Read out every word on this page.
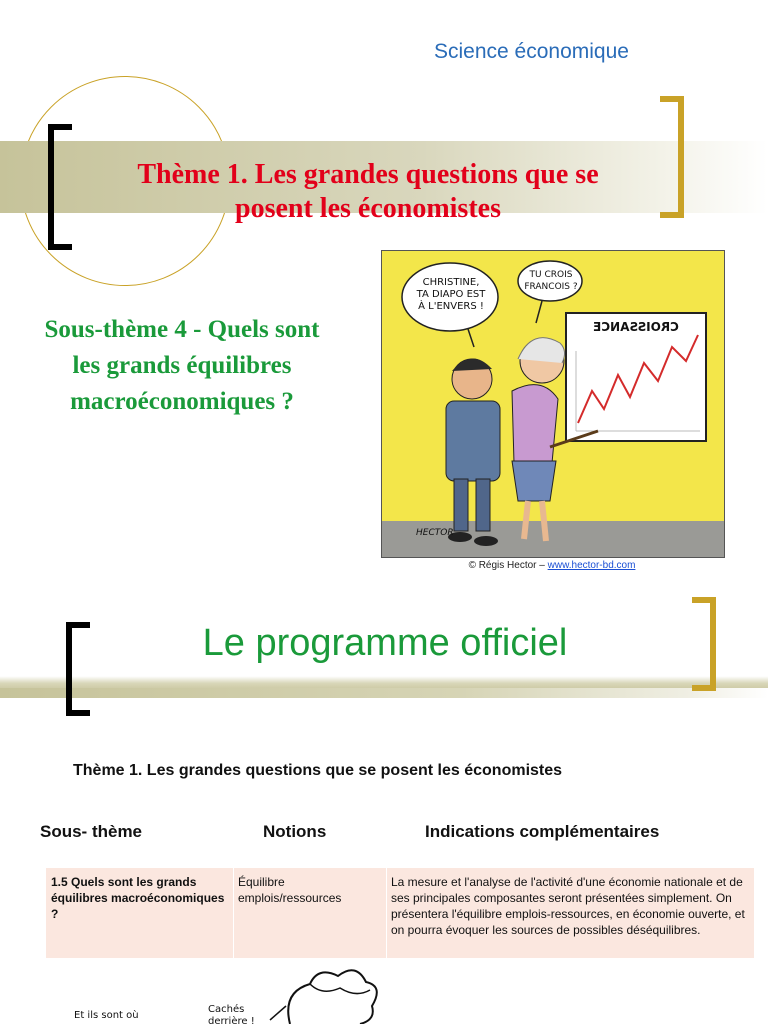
Science économique
Thème 1. Les grandes questions que se
posent les économistes
Sous-thème 4 - Quels sont
les grands équilibres
macroéconomiques ?
CHRISTINE,
TA DIAPO EST
À L'ENVERS !
TU CROIS
FRANCOIS ?
CROISSANCE
HECTOR
© Régis Hector – www.hector-bd.com
Le programme officiel
Thème 1. Les grandes questions que se posent les économistes
Sous- thème	Notions	Indications complémentaires
1.5 Quels sont les grands équilibres macroéconomiques ?
Équilibre emplois/ressources
La mesure et l'analyse de l'activité d'une économie nationale et de ses principales composantes seront présentées simplement. On présentera l'équilibre emplois-ressources, en économie ouverte, et on pourra évoquer les sources de possibles déséquilibres.
Et ils sont où
Cachés
derrière !
